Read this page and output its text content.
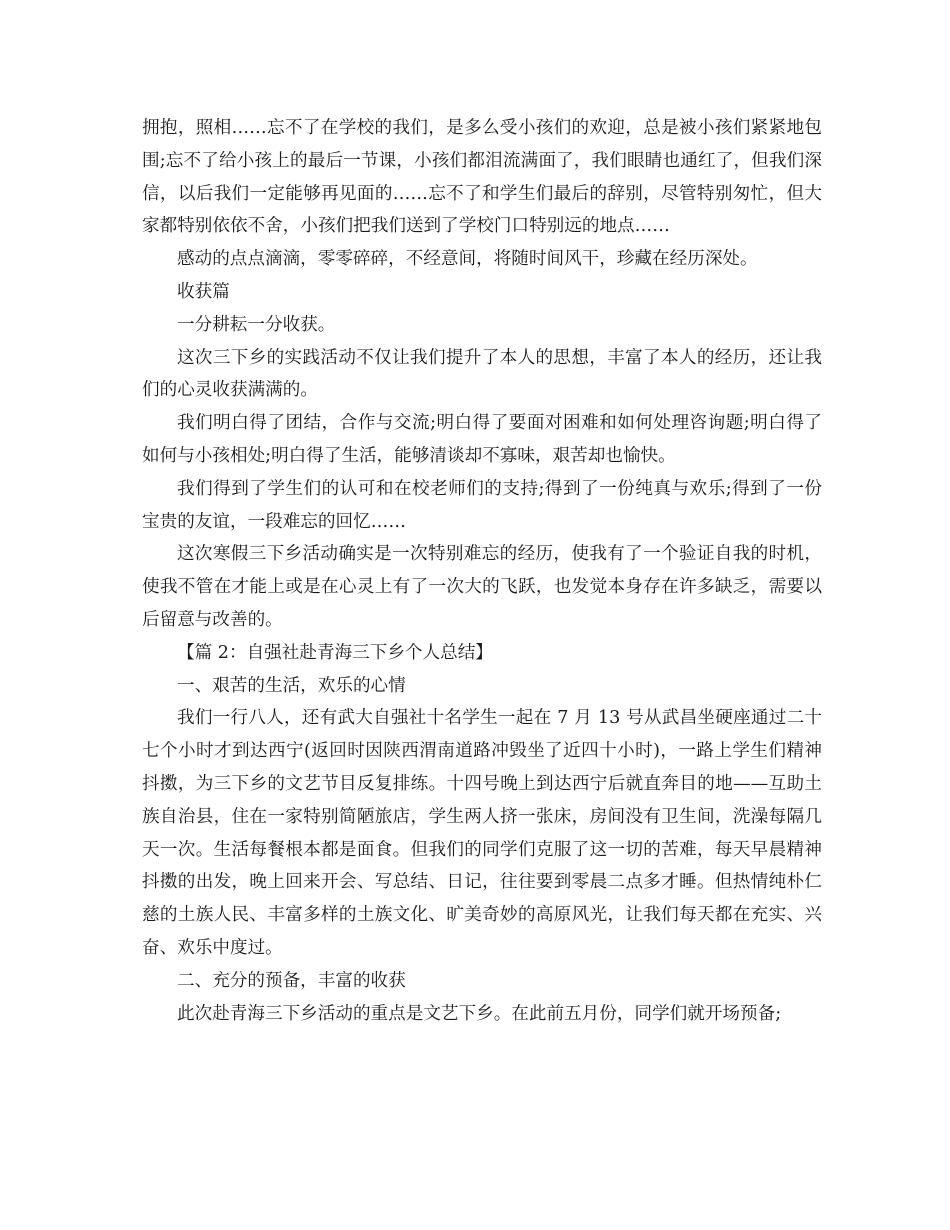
拥抱，照相……忘不了在学校的我们，是多么受小孩们的欢迎，总是被小孩们紧紧地包围;忘不了给小孩上的最后一节课，小孩们都泪流满面了，我们眼睛也通红了，但我们深信，以后我们一定能够再见面的……忘不了和学生们最后的辞别，尽管特别匆忙，但大家都特别依依不舍，小孩们把我们送到了学校门口特别远的地点……

感动的点点滴滴，零零碎碎，不经意间，将随时间风干，珍藏在经历深处。

收获篇

一分耕耘一分收获。

这次三下乡的实践活动不仅让我们提升了本人的思想，丰富了本人的经历，还让我们的心灵收获满满的。

我们明白得了团结，合作与交流;明白得了要面对困难和如何处理咨询题;明白得了如何与小孩相处;明白得了生活，能够清谈却不寡味，艰苦却也愉快。

我们得到了学生们的认可和在校老师们的支持;得到了一份纯真与欢乐;得到了一份宝贵的友谊，一段难忘的回忆……

这次寒假三下乡活动确实是一次特别难忘的经历，使我有了一个验证自我的时机，使我不管在才能上或是在心灵上有了一次大的飞跃，也发觉本身存在许多缺乏，需要以后留意与改善的。

【篇 2：自强社赴青海三下乡个人总结】

一、艰苦的生活，欢乐的心情

我们一行八人，还有武大自强社十名学生一起在 7 月 13 号从武昌坐硬座通过二十七个小时才到达西宁(返回时因陕西渭南道路冲毁坐了近四十小时)，一路上学生们精神抖擞，为三下乡的文艺节目反复排练。十四号晚上到达西宁后就直奔目的地——互助土族自治县，住在一家特别简陋旅店，学生两人挤一张床，房间没有卫生间，洗澡每隔几天一次。生活每餐根本都是面食。但我们的同学们克服了这一切的苦难，每天早晨精神抖擞的出发，晚上回来开会、写总结、日记，往往要到零晨二点多才睡。但热情纯朴仁慈的土族人民、丰富多样的土族文化、旷美奇妙的高原风光，让我们每天都在充实、兴奋、欢乐中度过。

二、充分的预备，丰富的收获

此次赴青海三下乡活动的重点是文艺下乡。在此前五月份，同学们就开场预备;
